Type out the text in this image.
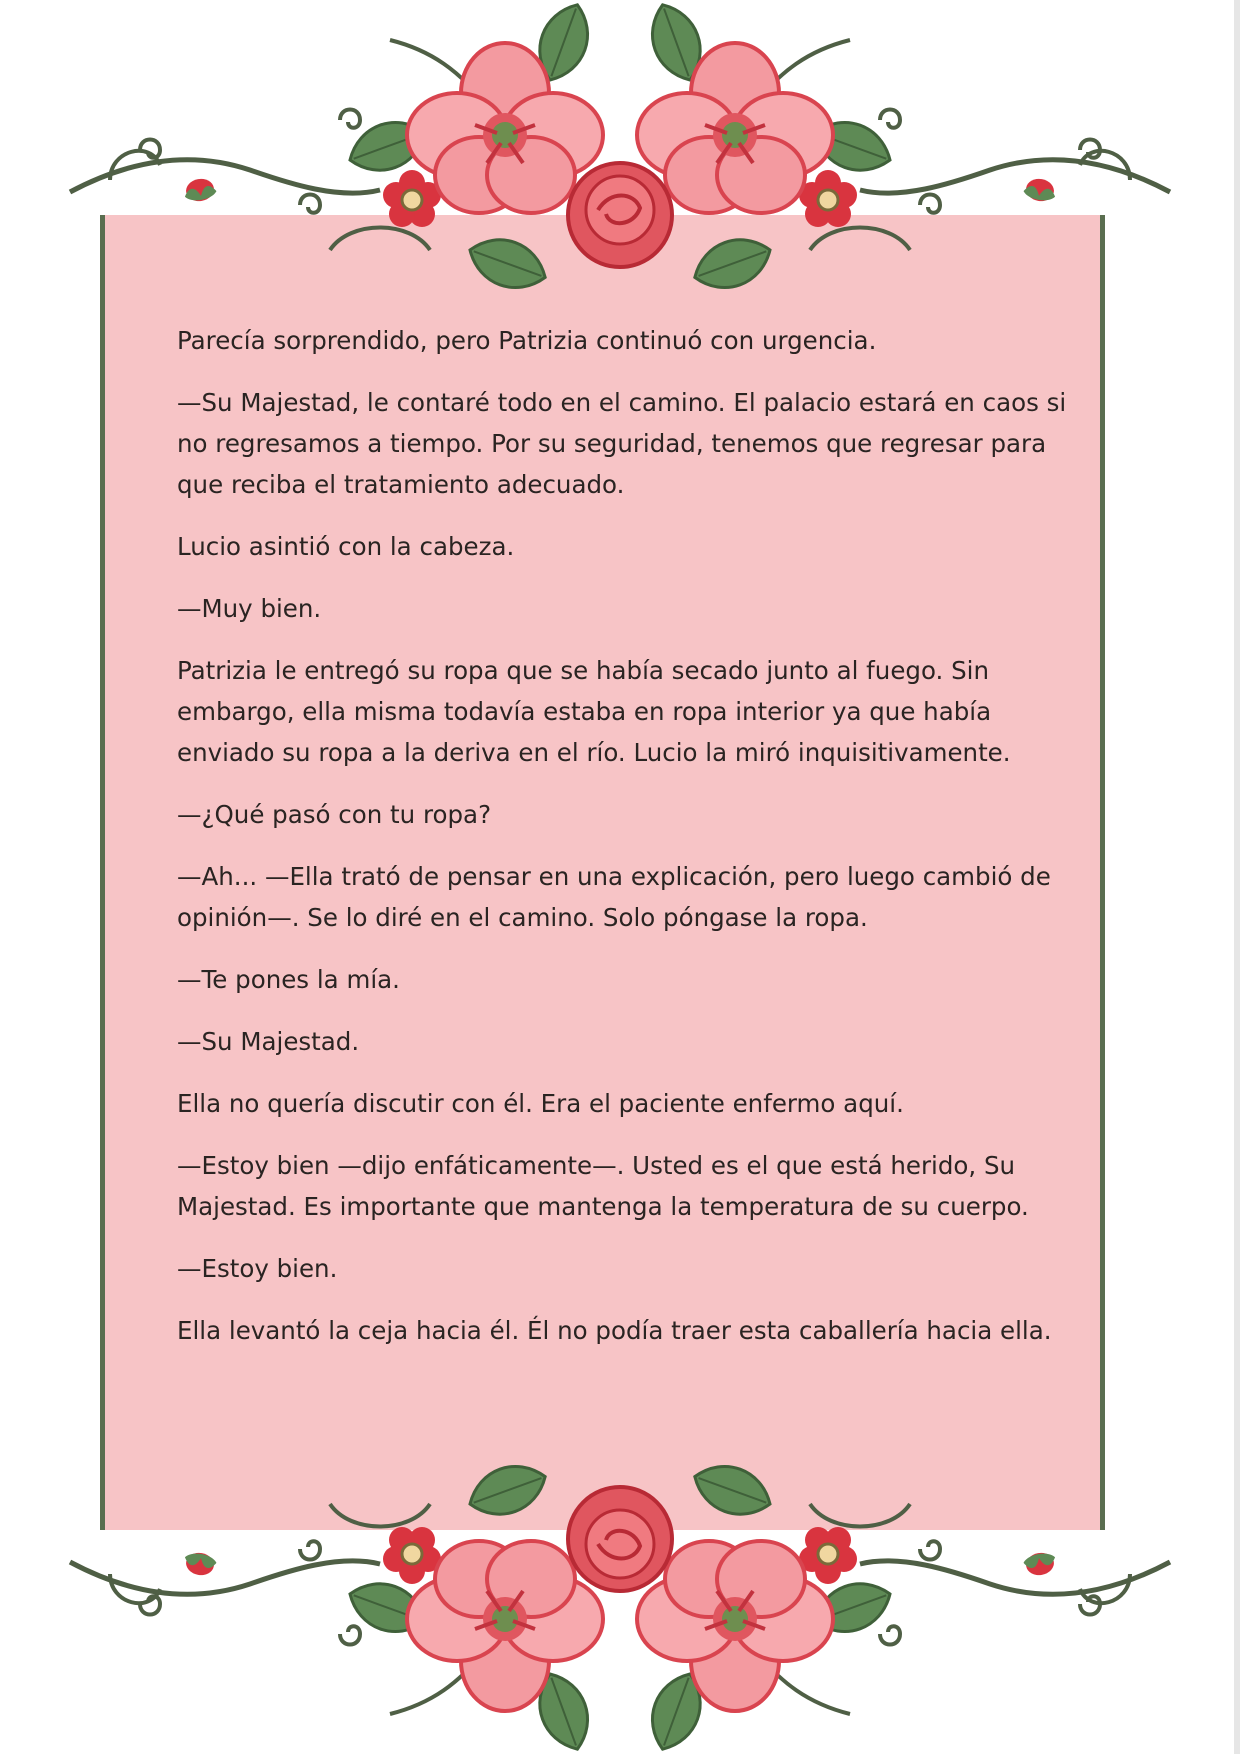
Parecía sorprendido, pero Patrizia continuó con urgencia.

—Su Majestad, le contaré todo en el camino. El palacio estará en caos si no regresamos a tiempo. Por su seguridad, tenemos que regresar para que reciba el tratamiento adecuado.

Lucio asintió con la cabeza.

—Muy bien.

Patrizia le entregó su ropa que se había secado junto al fuego. Sin embargo, ella misma todavía estaba en ropa interior ya que había enviado su ropa a la deriva en el río. Lucio la miró inquisitivamente.

—¿Qué pasó con tu ropa?

—Ah... —Ella trató de pensar en una explicación, pero luego cambió de opinión—. Se lo diré en el camino. Solo póngase la ropa.

—Te pones la mía.

—Su Majestad.

Ella no quería discutir con él. Era el paciente enfermo aquí.

—Estoy bien —dijo enfáticamente—. Usted es el que está herido, Su Majestad. Es importante que mantenga la temperatura de su cuerpo.

—Estoy bien.

Ella levantó la ceja hacia él. Él no podía traer esta caballería hacia ella.
